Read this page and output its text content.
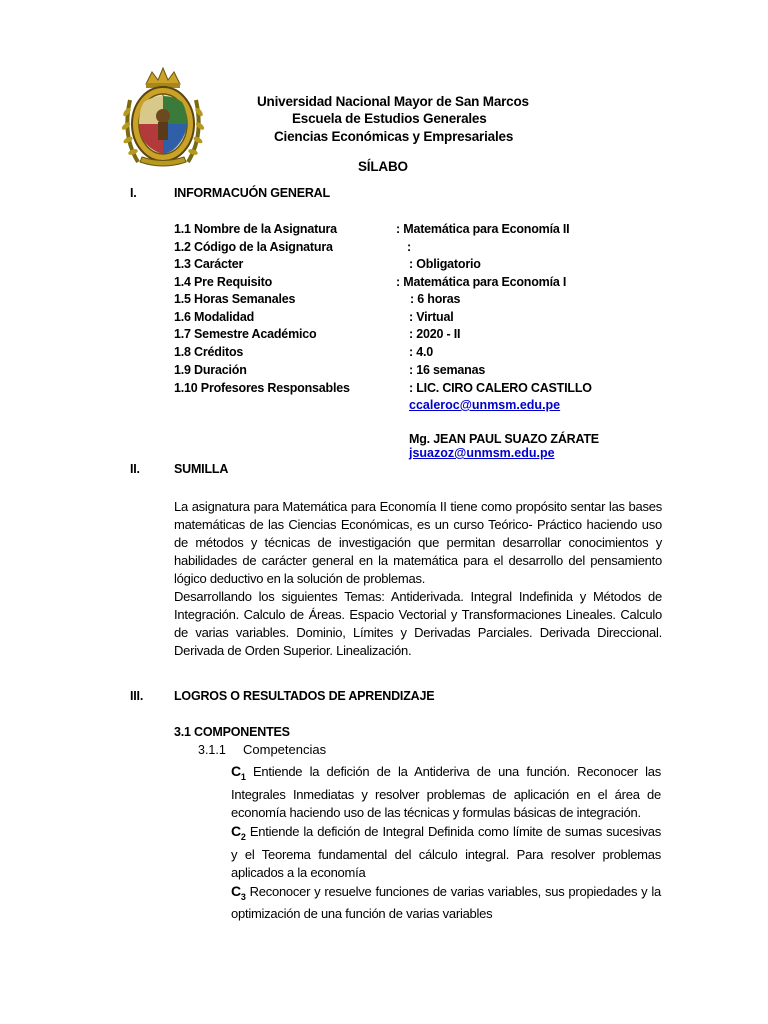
Universidad Nacional Mayor de San Marcos
Escuela de Estudios Generales
Ciencias Económicas y Empresariales
SÍLABO
I.	INFORMACUÓN GENERAL
1.1 Nombre de la Asignatura	: Matemática para Economía II
1.2 Código de la Asignatura	:
1.3 Carácter	: Obligatorio
1.4 Pre Requisito	: Matemática para Economía I
1.5 Horas Semanales	: 6 horas
1.6 Modalidad	: Virtual
1.7 Semestre Académico	: 2020 - II
1.8 Créditos	: 4.0
1.9 Duración	: 16 semanas
1.10 Profesores Responsables	: LIC. CIRO CALERO CASTILLO
ccaleroc@unmsm.edu.pe
Mg. JEAN PAUL SUAZO ZÁRATE
jsuazoz@unmsm.edu.pe
II.	SUMILLA

La asignatura para Matemática para Economía II tiene como propósito sentar las bases matemáticas de las Ciencias Económicas, es un curso Teórico- Práctico haciendo uso de métodos y técnicas de investigación que permitan desarrollar conocimientos y habilidades de carácter general en la matemática para el desarrollo del pensamiento lógico deductivo en la solución de problemas.

Desarrollando los siguientes Temas: Antiderivada. Integral Indefinida y Métodos de Integración. Calculo de Áreas. Espacio Vectorial y Transformaciones Lineales. Calculo de varias variables. Dominio, Límites y Derivadas Parciales. Derivada Direccional. Derivada de Orden Superior. Linealización.

III. LOGROS O RESULTADOS DE APRENDIZAJE
3.1 COMPONENTES
3.1.1 Competencias

$C_1$ Entiende la defición de la Antideriva de una función. Reconocer las Integrales Inmediatas y resolver problemas de aplicación en el área de economía haciendo uso de las técnicas y formulas básicas de integración.

$C_2$ Entiende la defición de Integral Definida como límite de sumas sucesivas y el Teorema fundamental del cálculo integral. Para resolver problemas aplicados a la economía

$C_3$ Reconocer y resuelve funciones de varias variables, sus propiedades y la optimización de una función de varias variables
